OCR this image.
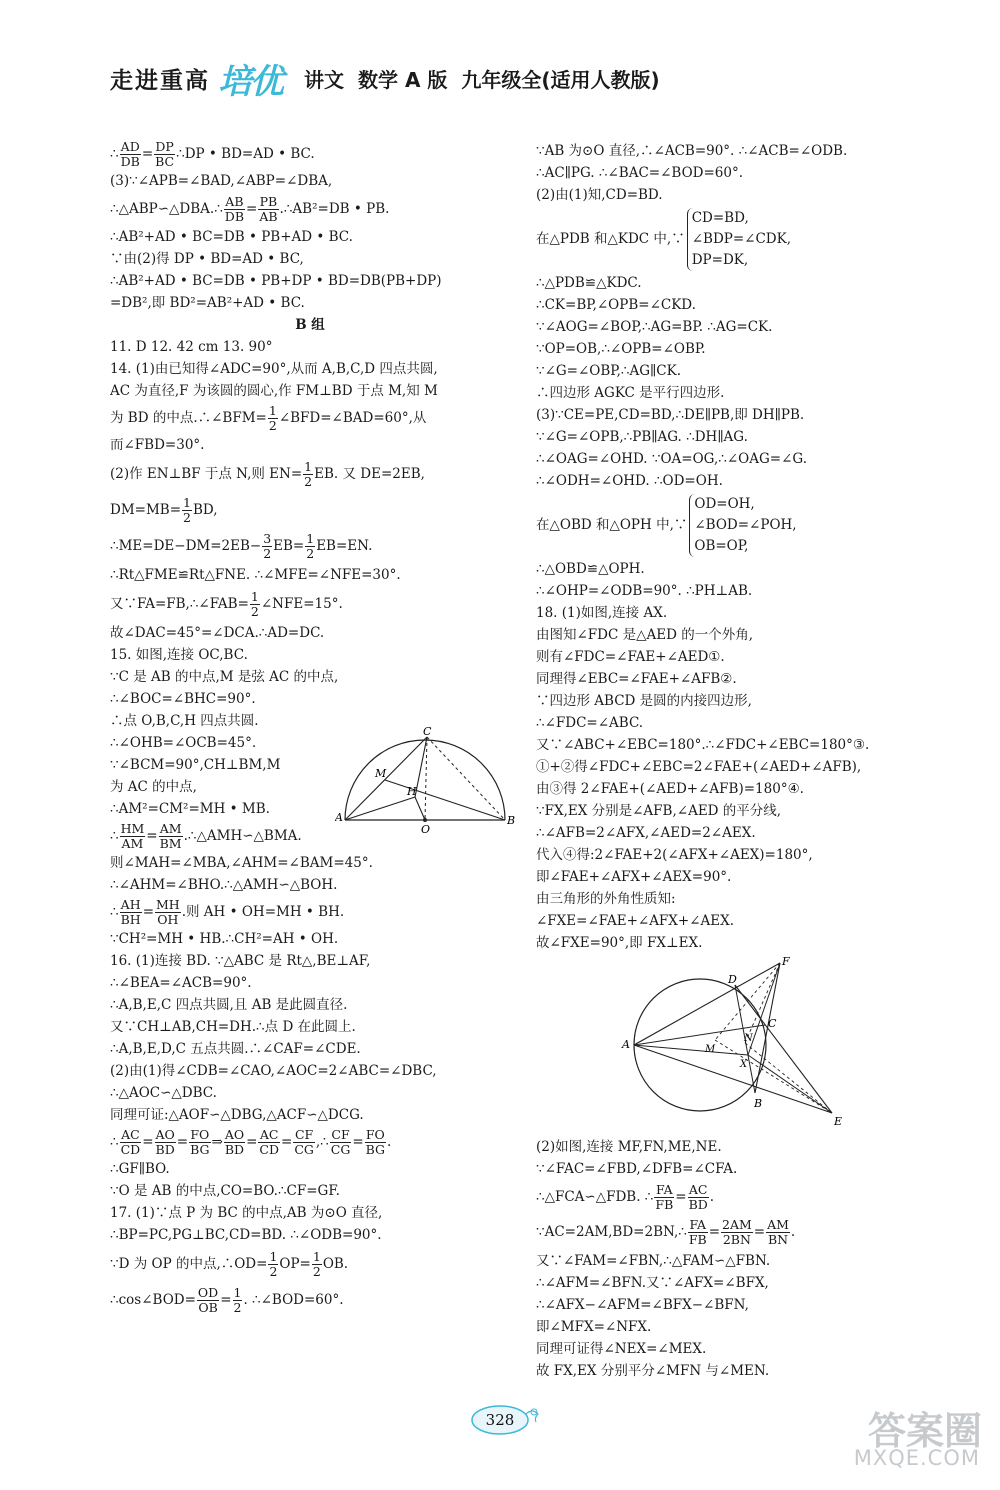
走进重高 培优 讲文 数学 A 版 九年级全(适用人教版)
∴ $\frac{AD}{DB} = \frac{DP}{BC}$ ∴DP • BD=AD • BC.
(3)∵∠APB=∠BAD,∠ABP=∠DBA,
∴△ABP∽△DBA.∴ $\frac{AB}{DB} = \frac{PB}{AB}$ .∴AB²=DB • PB.
∴AB²+AD • BC=DB • PB+AD • BC.
∵由(2)得 DP • BD=AD • BC,
∴AB²+AD • BC=DB • PB+DP • BD=DB(PB+DP)
=DB²,即 BD²=AB²+AD • BC.
B 组
11. D 12. 42 cm 13. 90°
14. (1)由已知得∠ADC=90°,从而 A,B,C,D 四点共圆,
AC 为直径,F 为该圆的圆心,作 FM⊥BD 于点 M,知 M
为 BD 的中点.∴∠BFM= $\frac{1}{2}$ ∠BFD=∠BAD=60°,从
而∠FBD=30°.
(2)作 EN⊥BF 于点 N,则 $EN= \frac{1}{2}$ EB. 又 DE=2EB,
$DM=MB= \frac{1}{2}$ BD,
∴ME=DE−DM=2EB− $\frac{3}{2} EB= \frac{1}{2} EB=EN$.
∴Rt△FME≌Rt△FNE. ∴∠MFE=∠NFE=30°.
又∵FA=FB,∴∠FAB= $\frac{1}{2}$ ∠NFE=15°.
故∠DAC=45°=∠DCA.∴AD=DC.
15. 如图,连接 OC,BC.
∵C 是 AB 的中点,M 是弦 AC 的中点,
∴∠BOC=∠BHC=90°.
∴点 O,B,C,H 四点共圆.
∴∠OHB=∠OCB=45°.
∵∠BCM=90°,CH⊥BM,M
为 AC 的中点,
∴AM²=CM²=MH • MB.
∴ $\frac{HM}{AM} = \frac{AM}{BM}$ .∴△AMH∽△BMA.
则∠MAH=∠MBA,∠AHM=∠BAM=45°.
∴∠AHM=∠BHO.∴△AMH∽△BOH.
∴ $\frac{AH}{BH} = \frac{MH}{OH}$ .则 AH • OH=MH • BH.
∵CH²=MH • HB.∴CH²=AH • OH.
16. (1)连接 BD. ∵△ABC 是 Rt△,BE⊥AF,
∴∠BEA=∠ACB=90°.
∴A,B,E,C 四点共圆,且 AB 是此圆直径.
又∵CH⊥AB,CH=DH.∴点 D 在此圆上.
∴A,B,E,D,C 五点共圆.∴∠CAF=∠CDE.
(2)由(1)得∠CDB=∠CAO,∠AOC=2∠ABC=∠DBC,
∴△AOC∽△DBC.
同理可证:△AOF∽△DBG,△ACF∽△DCG.
∴ $\frac{AC}{CD} = \frac{AO}{BD} = \frac{FO}{BG}$ ⇒ $\frac{AO}{BD} = \frac{AC}{CD} = \frac{CF}{CG}$ ,∴ $\frac{CF}{CG} = \frac{FO}{BG}$ .
∴GF∥BO.
∵O 是 AB 的中点,CO=BO.∴CF=GF.
17. (1)∵点 P 为 BC 的中点,AB 为⊙O 直径,
∴BP=PC,PG⊥BC,CD=BD. ∴∠ODB=90°.
∵D 为 OP 的中点,∴OD= $\frac{1}{2} OP= \frac{1}{2}$ OB.
∴cos∠BOD= $\frac{OD}{OB} = \frac{1}{2}$ . ∴∠BOD=60°.
A	B
C
M
H
O
∵AB 为⊙O 直径,∴∠ACB=90°. ∴∠ACB=∠ODB.
∴AC∥PG. ∴∠BAC=∠BOD=60°.
(2)由(1)知,CD=BD.
在△PDB 和△KDC 中,∵
CD=BD,
∠BDP=∠CDK,
DP=DK,
∴△PDB≌△KDC.
∴CK=BP,∠OPB=∠CKD.
∵∠AOG=∠BOP,∴AG=BP. ∴AG=CK.
∵OP=OB,∴∠OPB=∠OBP.
∵∠G=∠OBP,∴AG∥CK.
∴四边形 AGKC 是平行四边形.
(3)∵CE=PE,CD=BD,∴DE∥PB,即 DH∥PB.
∵∠G=∠OPB,∴PB∥AG. ∴DH∥AG.
∴∠OAG=∠OHD. ∵OA=OG,∴∠OAG=∠G.
∴∠ODH=∠OHD. ∴OD=OH.
在△OBD 和△OPH 中,∵
OD=OH,
∠BOD=∠POH,
OB=OP,
∴△OBD≌△OPH.
∴∠OHP=∠ODB=90°. ∴PH⊥AB.
18. (1)如图,连接 AX.
由图知∠FDC 是△AED 的一个外角,
则有∠FDC=∠FAE+∠AED①.
同理得∠EBC=∠FAE+∠AFB②.
∵四边形 ABCD 是圆的内接四边形,
∴∠FDC=∠ABC.
又∵∠ABC+∠EBC=180°.∴∠FDC+∠EBC=180°③.
①+②得∠FDC+∠EBC=2∠FAE+(∠AED+∠AFB),
由③得 2∠FAE+(∠AED+∠AFB)=180°④.
∵FX,EX 分别是∠AFB,∠AED 的平分线,
∴∠AFB=2∠AFX,∠AED=2∠AEX.
代入④得:2∠FAE+2(∠AFX+∠AEX)=180°,
即∠FAE+∠AFX+∠AEX=90°.
由三角形的外角性质知:
∠FXE=∠FAE+∠AFX+∠AEX.
故∠FXE=90°,即 FX⊥EX.
(2)如图,连接 MF,FN,ME,NE.
∵∠FAC=∠FBD,∠DFB=∠CFA.
∴△FCA∽△FDB. ∴ $\frac{FA}{FB} = \frac{AC}{BD}$ .
∵AC=2AM,BD=2BN,∴ $\frac{FA}{FB} = \frac{2AM}{2BN} = \frac{AM}{BN}$ .
又∵∠FAM=∠FBN,∴△FAM∽△FBN.
∴∠AFM=∠BFN.又∵∠AFX=∠BFX,
∴∠AFX−∠AFM=∠BFX−∠BFN,
即∠MFX=∠NFX.
同理可证得∠NEX=∠MEX.
故 FX,EX 分别平分∠MFN 与∠MEN.
A
B
C
D
E
F
M
N
X
328	答案圈
MXQE.COM
